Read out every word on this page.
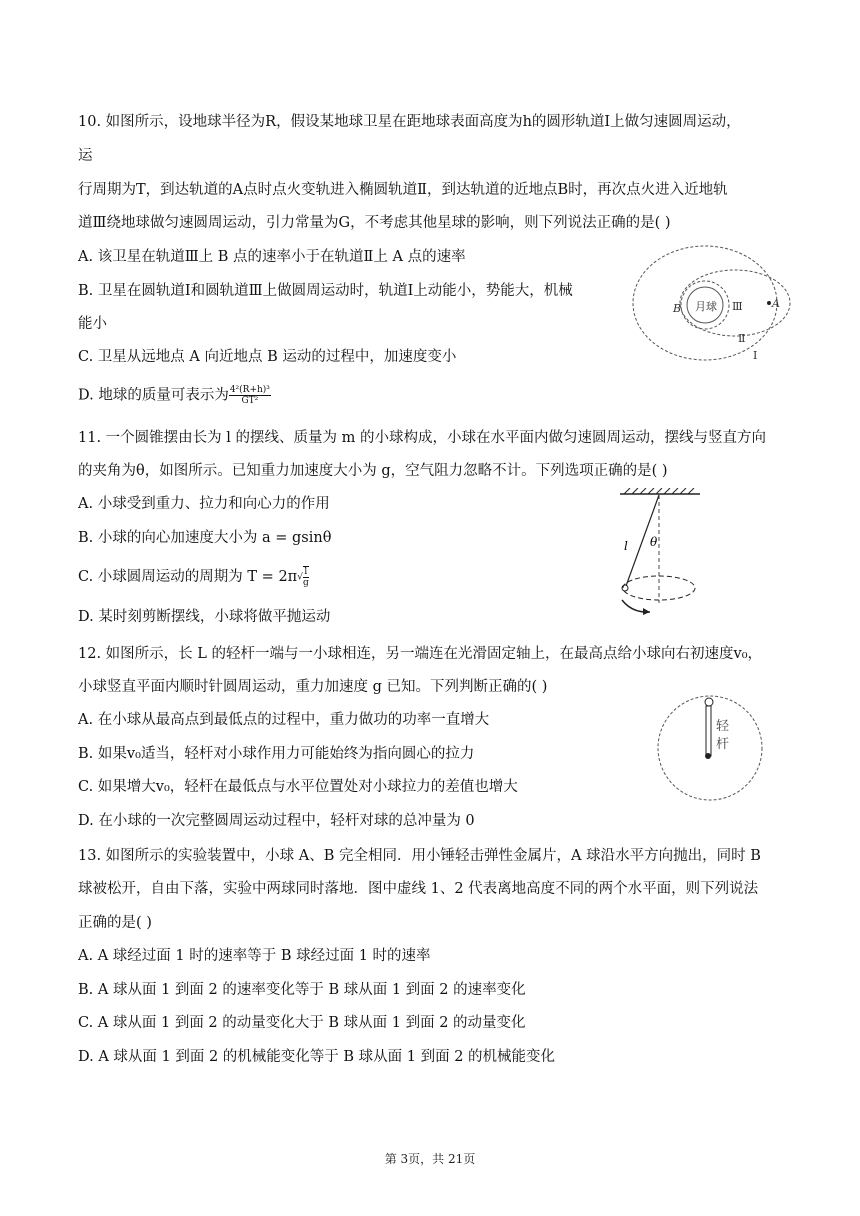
10. 如图所示，设地球半径为R，假设某地球卫星在距地球表面高度为h的圆形轨道Ⅰ上做匀速圆周运动，
运
行周期为T，到达轨道的A点时点火变轨进入椭圆轨道Ⅱ，到达轨道的近地点B时，再次点火进入近地轨
道Ⅲ绕地球做匀速圆周运动，引力常量为G，不考虑其他星球的影响，则下列说法正确的是( )
A. 该卫星在轨道Ⅲ上 B 点的速率小于在轨道Ⅱ上 A 点的速率
B. 卫星在圆轨道Ⅰ和圆轨道Ⅲ上做圆周运动时，轨道Ⅰ上动能小，势能大，机械
能小
C. 卫星从远地点 A 向近地点 B 运动的过程中，加速度变小
D. 地球的质量可表示为 $\frac{\text{4²(R+h)³}}{\text{GT²}}$
月球 Ⅲ
Ⅱ
Ⅰ
A
B
11. 一个圆锥摆由长为 l 的摆线、质量为 m 的小球构成，小球在水平面内做匀速圆周运动，摆线与竖直方向
的夹角为θ，如图所示。已知重力加速度大小为 g，空气阻力忽略不计。下列选项正确的是( )
A. 小球受到重力、拉力和向心力的作用
B. 小球的向心加速度大小为 a = gsinθ
C. 小球圆周运动的周期为 $T = 2\pi√ \frac{l}{g}$
D. 某时刻剪断摆线，小球将做平抛运动
l θ
12. 如图所示，长 L 的轻杆一端与一小球相连，另一端连在光滑固定轴上，在最高点给小球向右初速度v₀，
小球竖直平面内顺时针圆周运动，重力加速度 g 已知。下列判断正确的( )
A. 在小球从最高点到最低点的过程中，重力做功的功率一直增大
B. 如果v₀适当，轻杆对小球作用力可能始终为指向圆心的拉力
C. 如果增大v₀，轻杆在最低点与水平位置处对小球拉力的差值也增大
D. 在小球的一次完整圆周运动过程中，轻杆对球的总冲量为 0
轻
杆
13. 如图所示的实验装置中，小球 A、B 完全相同．用小锤轻击弹性金属片，A 球沿水平方向抛出，同时 B
球被松开，自由下落，实验中两球同时落地．图中虚线 1、2 代表离地高度不同的两个水平面，则下列说法
正确的是( )
A. A 球经过面 1 时的速率等于 B 球经过面 1 时的速率
B. A 球从面 1 到面 2 的速率变化等于 B 球从面 1 到面 2 的速率变化
C. A 球从面 1 到面 2 的动量变化大于 B 球从面 1 到面 2 的动量变化
D. A 球从面 1 到面 2 的机械能变化等于 B 球从面 1 到面 2 的机械能变化
第 3页，共 21页
